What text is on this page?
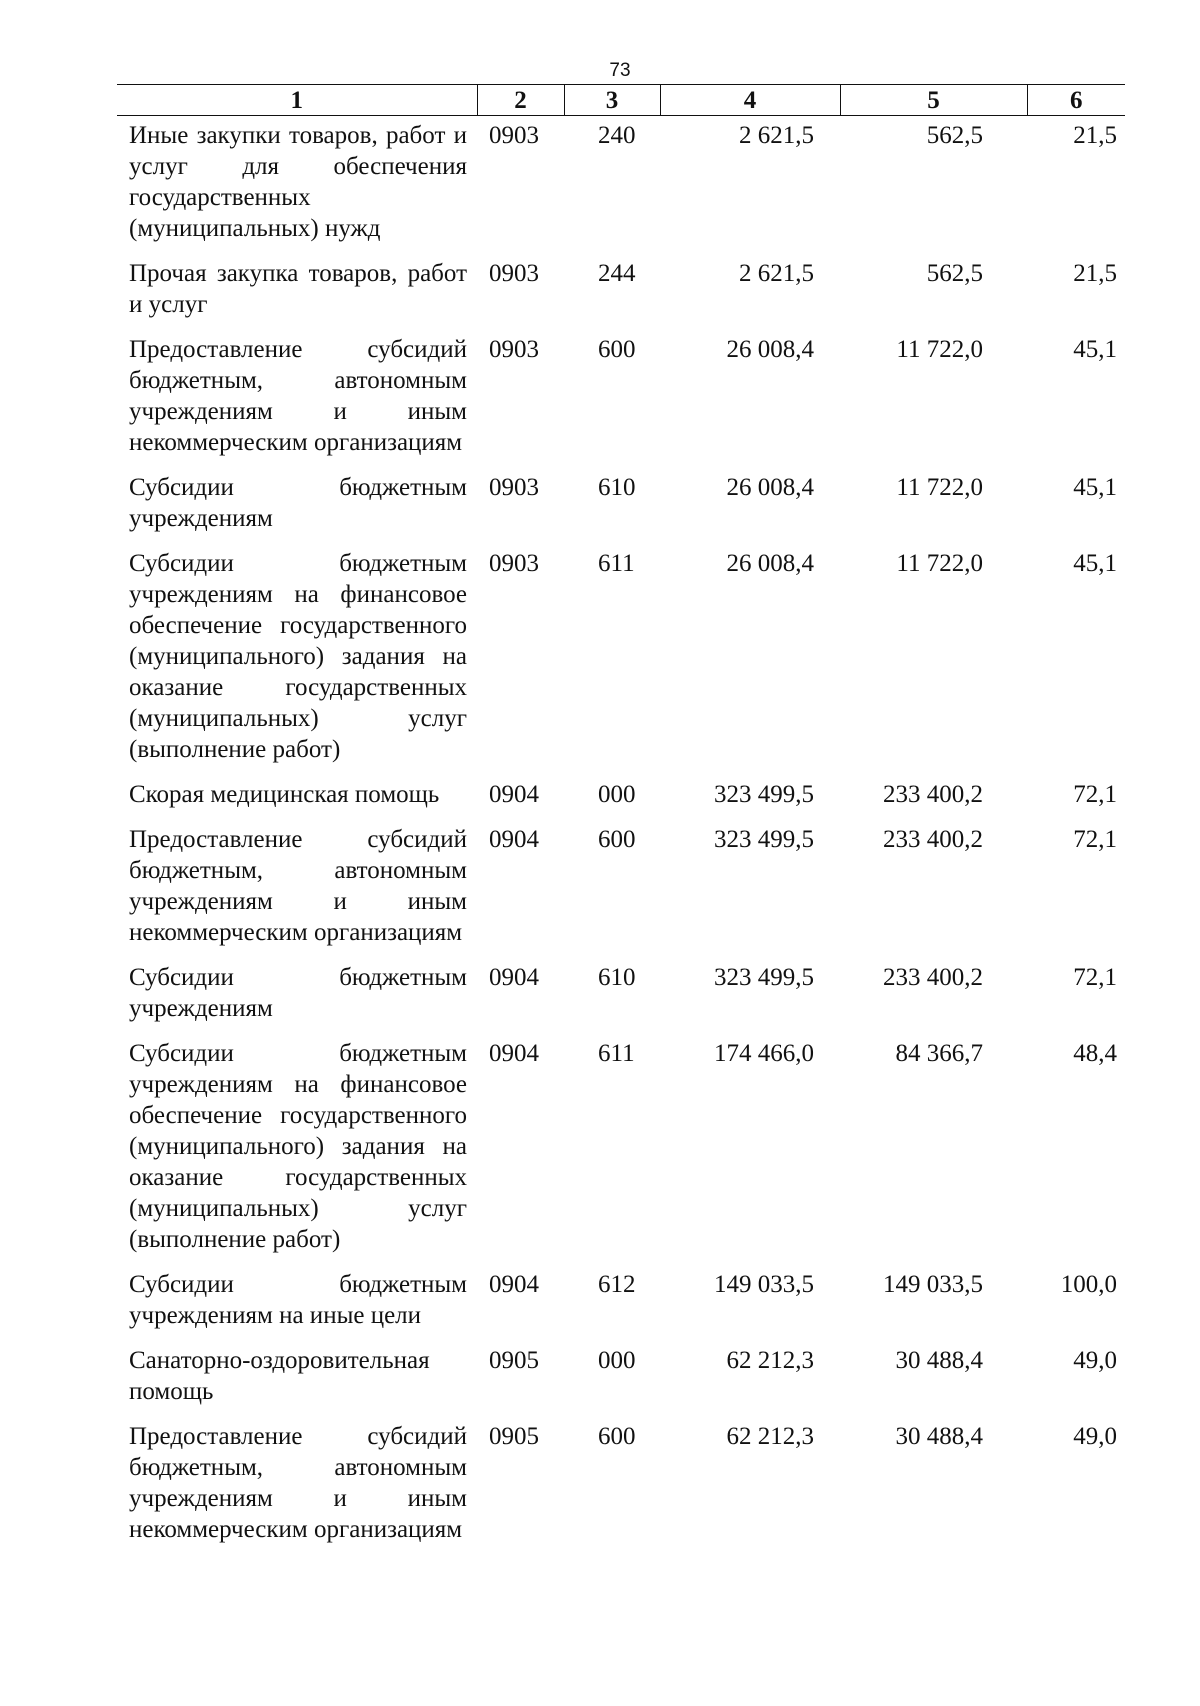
73
1	2	3	4	5	6
Иные закупки товаров, работ и услуг для обеспечения государственных (муниципальных) нужд	0903	240	2 621,5	562,5	21,5
Прочая закупка товаров, работ и услуг	0903	244	2 621,5	562,5	21,5
Предоставление субсидий бюджетным, автономным учреждениям и иным некоммерческим организациям	0903	600	26 008,4	11 722,0	45,1
Субсидии бюджетным учреждениям	0903	610	26 008,4	11 722,0	45,1
Субсидии бюджетным учреждениям на финансовое обеспечение государственного (муниципального) задания на оказание государственных (муниципальных) услуг (выполнение работ)	0903	611	26 008,4	11 722,0	45,1
Скорая медицинская помощь	0904	000	323 499,5	233 400,2	72,1
Предоставление субсидий бюджетным, автономным учреждениям и иным некоммерческим организациям	0904	600	323 499,5	233 400,2	72,1
Субсидии бюджетным учреждениям	0904	610	323 499,5	233 400,2	72,1
Субсидии бюджетным учреждениям на финансовое обеспечение государственного (муниципального) задания на оказание государственных (муниципальных) услуг (выполнение работ)	0904	611	174 466,0	84 366,7	48,4
Субсидии бюджетным учреждениям на иные цели	0904	612	149 033,5	149 033,5	100,0
Санаторно-оздоровительная помощь	0905	000	62 212,3	30 488,4	49,0
Предоставление субсидий бюджетным, автономным учреждениям и иным некоммерческим организациям	0905	600	62 212,3	30 488,4	49,0
